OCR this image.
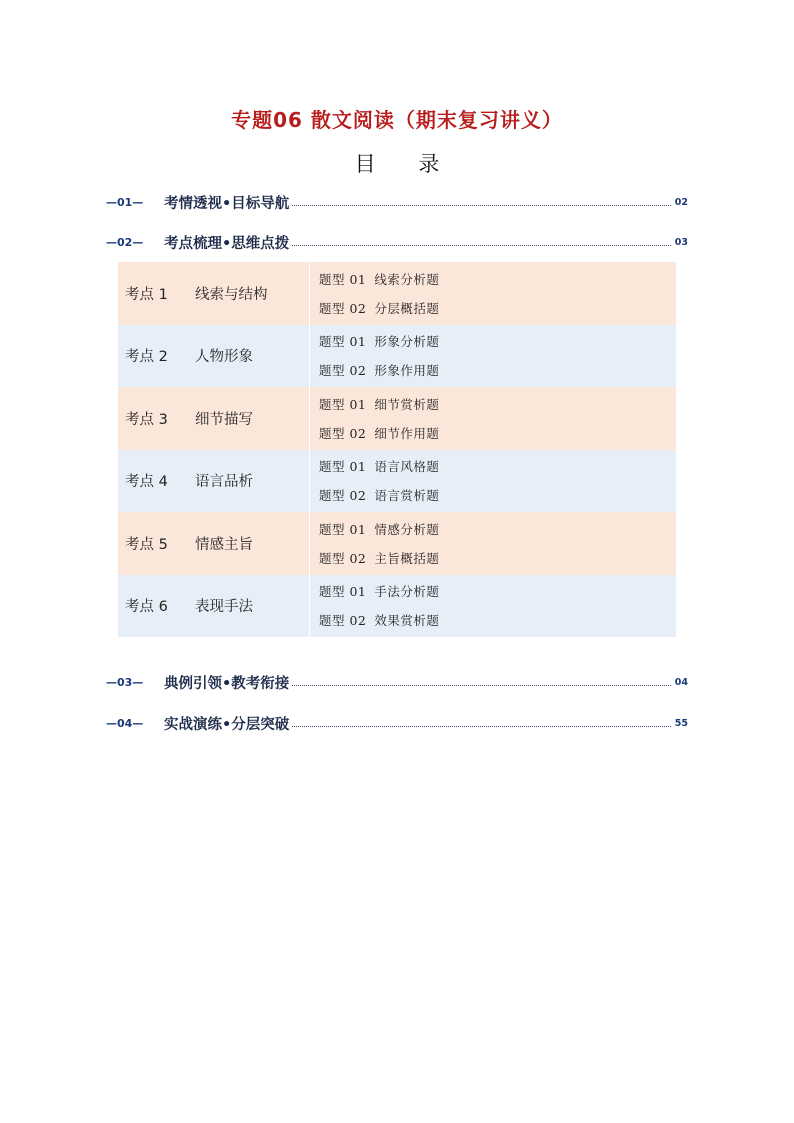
专题06 散文阅读（期末复习讲义）
目 录
—01—	考情透视•目标导航	02
—02—	考点梳理•思维点拨	03
考点 1	线索与结构
题型 01 线索分析题
题型 02 分层概括题
考点 2	人物形象
题型 01 形象分析题
题型 02 形象作用题
考点 3	细节描写
题型 01 细节赏析题
题型 02 细节作用题
考点 4	语言品析
题型 01 语言风格题
题型 02 语言赏析题
考点 5	情感主旨
题型 01 情感分析题
题型 02 主旨概括题
考点 6	表现手法
题型 01 手法分析题
题型 02 效果赏析题
—03—	典例引领•教考衔接	04
—04—	实战演练•分层突破	55
